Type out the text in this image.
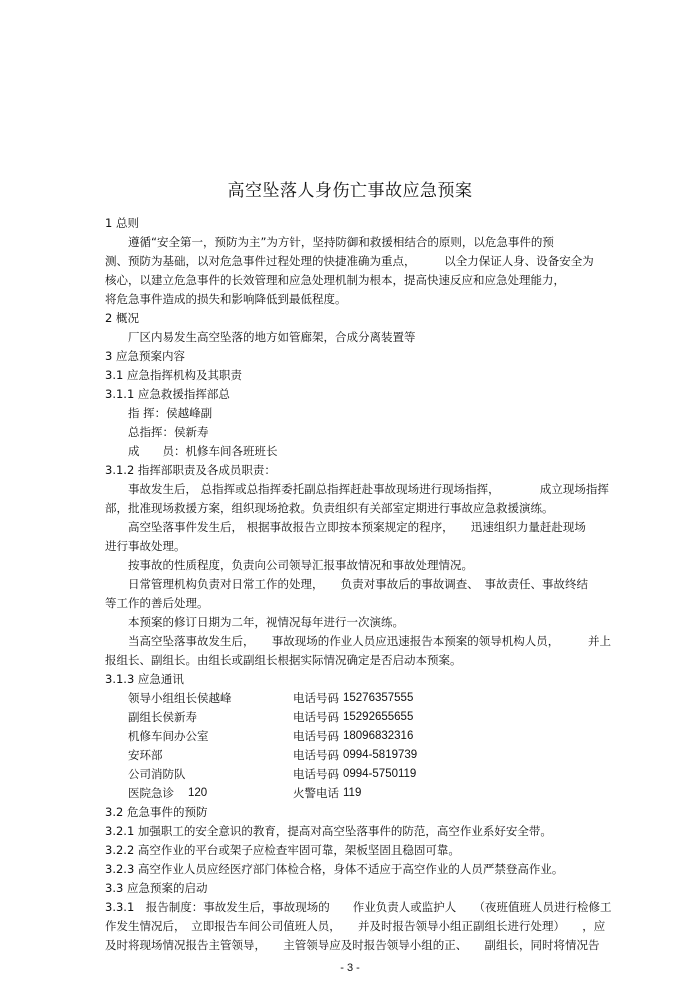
高空坠落人身伤亡事故应急预案
1 总则
遵循“安全第一，预防为主”为方针，坚持防御和救援相结合的原则，以危急事件的预
测、预防为基础，以对危急事件过程处理的快捷准确为重点，　　　以全力保证人身、设备安全为
核心，以建立危急事件的长效管理和应急处理机制为根本，提高快速反应和应急处理能力，
将危急事件造成的损失和影响降低到最低程度。
2 概况
厂区内易发生高空坠落的地方如管廊架，合成分离装置等
3 应急预案内容
3.1 应急指挥机构及其职责
3.1.1 应急救援指挥部总
指 挥：侯越峰副
总指挥：侯新寿
成　　员：机修车间各班班长
3.1.2 指挥部职责及各成员职责：
事故发生后， 总指挥或总指挥委托副总指挥赶赴事故现场进行现场指挥，　　　　成立现场指挥
部，批准现场救援方案，组织现场抢救。负责组织有关部室定期进行事故应急救援演练。
高空坠落事件发生后， 根据事故报告立即按本预案规定的程序，　　迅速组织力量赶赴现场
进行事故处理。
按事故的性质程度，负责向公司领导汇报事故情况和事故处理情况。
日常管理机构负责对日常工作的处理，　　负责对事故后的事故调查、　事故责任、事故终结
等工作的善后处理。
本预案的修订日期为二年，视情况每年进行一次演练。
当高空坠落事故发生后，　　事故现场的作业人员应迅速报告本预案的领导机构人员，　　　并上
报组长、副组长。由组长或副组长根据实际情况确定是否启动本预案。
3.1.3 应急通讯
领导小组组长侯越峰	电话号码 15276357555
副组长侯新寿	电话号码 15292655655
机修车间办公室	电话号码 18096832316
安环部	电话号码 0994-5819739
公司消防队	电话号码 0994-5750119
医院急诊 120	火警电话 119
3.2 危急事件的预防
3.2.1 加强职工的安全意识的教育，提高对高空坠落事件的防范，高空作业系好安全带。
3.2.2 高空作业的平台或架子应检查牢固可靠，架板坚固且稳固可靠。
3.2.3 高空作业人员应经医疗部门体检合格，身体不适应于高空作业的人员严禁登高作业。
3.3 应急预案的启动
3.3.1　报告制度：事故发生后，事故现场的　　作业负责人或监护人　　（夜班值班人员进行检修工
作发生情况后，　立即报告车间公司值班人员，　　并及时报告领导小组正副组长进行处理）　　，应
及时将现场情况报告主管领导，　　主管领导应及时报告领导小组的正、　　副组长，同时将情况告
- 3 -
